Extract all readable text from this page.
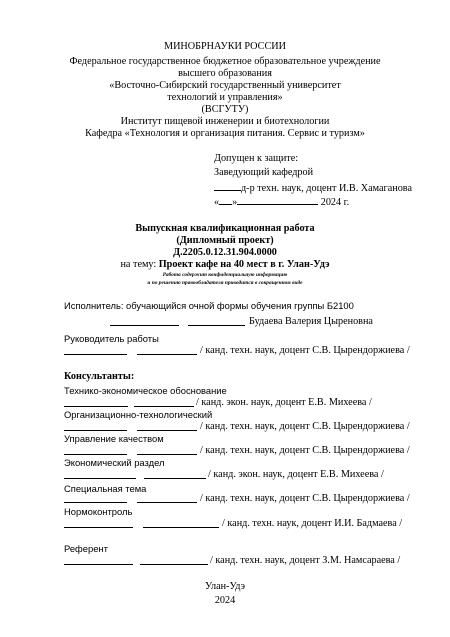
МИНОБРНАУКИ РОССИИ
Федеральное государственное бюджетное образовательное учреждение
высшего образования
«Восточно-Сибирский государственный университет
технологий и управления»
(ВСГУТУ)
Институт пищевой инженерии и биотехнологии
Кафедра «Технология и организация питания. Сервис и туризм»
Допущен к защите:
Заведующий кафедрой
д-р техн. наук, доцент И.В. Хамаганова
« »	2024 г.
Выпускная квалификационная работа
(Дипломный проект)
Д.2205.0.12.31.904.0000
на тему: Проект кафе на 40 мест в г. Улан-Удэ
Работа содержит конфиденциальную информацию
и по решению правообладателя приводится в сокращенном виде
Исполнитель: обучающийся очной формы обучения группы Б2100
Будаева Валерия Цыреновна
Руководитель работы
/ канд. техн. наук, доцент С.В. Цырендоржиева /
Консультанты:
Технико-экономическое обоснование
/ канд. экон. наук, доцент Е.В. Михеева /
Организационно-технологический
/ канд. техн. наук, доцент С.В. Цырендоржиева /
Управление качеством
/ канд. техн. наук, доцент С.В. Цырендоржиева /
Экономический раздел
/ канд. экон. наук, доцент Е.В. Михеева /
Специальная тема
/ канд. техн. наук, доцент С.В. Цырендоржиева /
Нормоконтроль
/ канд. техн. наук, доцент И.И. Бадмаева /
Референт
/ канд. техн. наук, доцент З.М. Намсараева /
Улан-Удэ
2024
